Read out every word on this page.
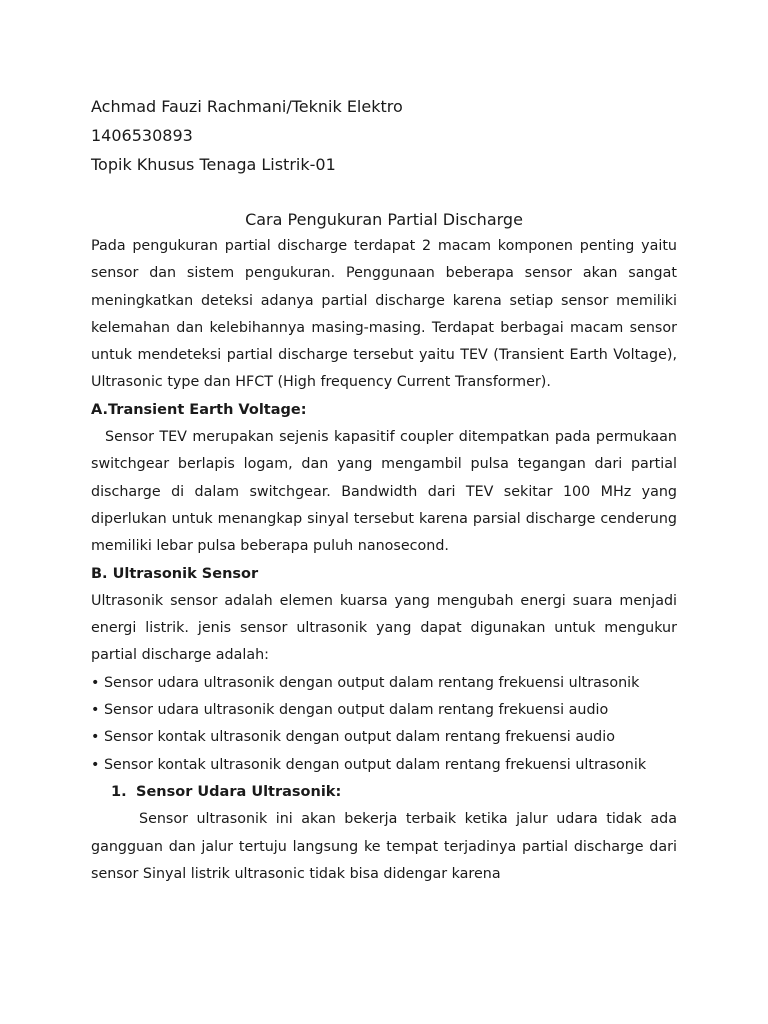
Achmad Fauzi Rachmani/Teknik Elektro

1406530893

Topik Khusus Tenaga Listrik-01

Cara Pengukuran Partial Discharge

Pada pengukuran partial discharge terdapat 2 macam komponen penting yaitu sensor dan sistem pengukuran. Penggunaan beberapa sensor akan sangat meningkatkan deteksi adanya partial discharge karena setiap sensor memiliki kelemahan dan kelebihannya masing-masing. Terdapat berbagai macam sensor untuk mendeteksi partial discharge tersebut yaitu TEV (Transient Earth Voltage), Ultrasonic type dan HFCT (High frequency Current Transformer).

A.Transient Earth Voltage:

Sensor TEV merupakan sejenis kapasitif coupler ditempatkan pada permukaan switchgear berlapis logam, dan yang mengambil pulsa tegangan dari partial discharge di dalam switchgear. Bandwidth dari TEV sekitar 100 MHz yang diperlukan untuk menangkap sinyal tersebut karena parsial discharge cenderung memiliki lebar pulsa beberapa puluh nanosecond.

B. Ultrasonik Sensor

Ultrasonik sensor adalah elemen kuarsa yang mengubah energi suara menjadi energi listrik. jenis sensor ultrasonik yang dapat digunakan untuk mengukur partial discharge adalah:

• Sensor udara ultrasonik dengan output dalam rentang frekuensi ultrasonik
• Sensor udara ultrasonik dengan output dalam rentang frekuensi audio
• Sensor kontak ultrasonik dengan output dalam rentang frekuensi audio
• Sensor kontak ultrasonik dengan output dalam rentang frekuensi ultrasonik

1. Sensor Udara Ultrasonik:

Sensor ultrasonik ini akan bekerja terbaik ketika jalur udara tidak ada gangguan dan jalur tertuju langsung ke tempat terjadinya partial discharge dari sensor Sinyal listrik ultrasonic tidak bisa didengar karena
